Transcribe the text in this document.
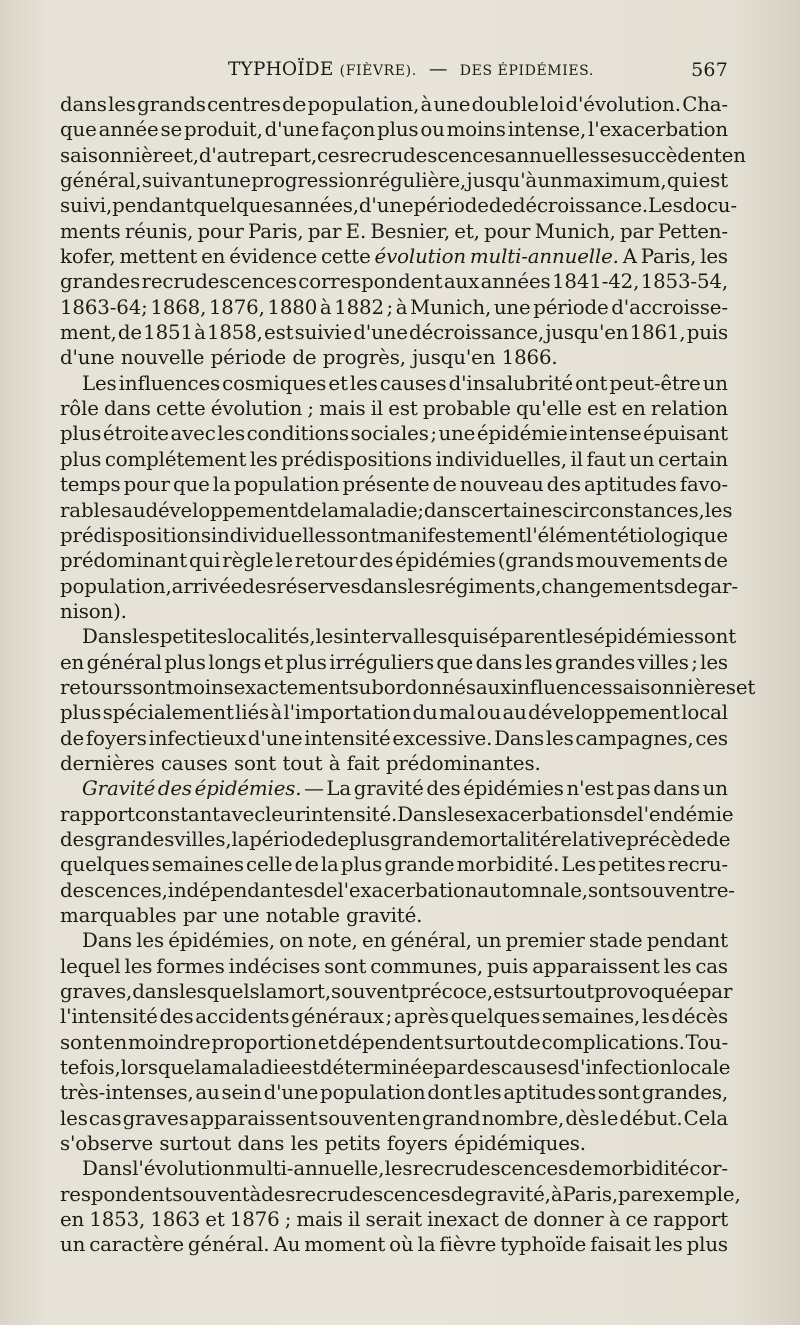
TYPHOÏDE (FIÈVRE). — DES ÉPIDÉMIES.	567
dans les grands centres de population, à une double loi d'évolution. Cha-
que année se produit, d'une façon plus ou moins intense, l'exacerbation
saisonnière et, d'autre part, ces recrudescences annuelles se succèdent en
général, suivant une progression régulière, jusqu'à un maximum, qui est
suivi, pendant quelques années, d'une période de décroissance. Les docu-
ments réunis, pour Paris, par E. Besnier, et, pour Munich, par Petten-
kofer, mettent en évidence cette évolution multi-annuelle. A Paris, les
grandes recrudescences correspondent aux années 1841-42, 1853-54,
1863-64; 1868, 1876, 1880 à 1882 ; à Munich, une période d'accroisse-
ment, de 1851 à 1858, est suivie d'une décroissance, jusqu'en 1861, puis
d'une nouvelle période de progrès, jusqu'en 1866.
Les influences cosmiques et les causes d'insalubrité ont peut-être un
rôle dans cette évolution ; mais il est probable qu'elle est en relation
plus étroite avec les conditions sociales ; une épidémie intense épuisant
plus complétement les prédispositions individuelles, il faut un certain
temps pour que la population présente de nouveau des aptitudes favo-
rables au développement de la maladie ; dans certaines circonstances, les
prédispositions individuelles sont manifestement l'élément étiologique
prédominant qui règle le retour des épidémies (grands mouvements de
population, arrivée des réserves dans les régiments, changements de gar-
nison).
Dans les petites localités, les intervalles qui séparent les épidémies sont
en général plus longs et plus irréguliers que dans les grandes villes ; les
retours sont moins exactement subordonnés aux influences saisonnières et
plus spécialement liés à l'importation du mal ou au développement local
de foyers infectieux d'une intensité excessive. Dans les campagnes, ces
dernières causes sont tout à fait prédominantes.
Gravité des épidémies. — La gravité des épidémies n'est pas dans un
rapport constant avec leur intensité. Dans les exacerbations de l'endémie
des grandes villes, la période de plus grande mortalité relative précède de
quelques semaines celle de la plus grande morbidité. Les petites recru-
descences, indépendantes de l'exacerbation automnale, sont souvent re-
marquables par une notable gravité.
Dans les épidémies, on note, en général, un premier stade pendant
lequel les formes indécises sont communes, puis apparaissent les cas
graves, dans lesquels la mort, souvent précoce, est surtout provoquée par
l'intensité des accidents généraux ; après quelques semaines, les décès
sont en moindre proportion et dépendent surtout de complications. Tou-
tefois, lorsque la maladie est déterminée par des causes d'infection locale
très-intenses, au sein d'une population dont les aptitudes sont grandes,
les cas graves apparaissent souvent en grand nombre, dès le début. Cela
s'observe surtout dans les petits foyers épidémiques.
Dans l'évolution multi-annuelle, les recrudescences de morbidité cor-
respondent souvent à des recrudescences de gravité, à Paris, par exemple,
en 1853, 1863 et 1876 ; mais il serait inexact de donner à ce rapport
un caractère général. Au moment où la fièvre typhoïde faisait les plus
